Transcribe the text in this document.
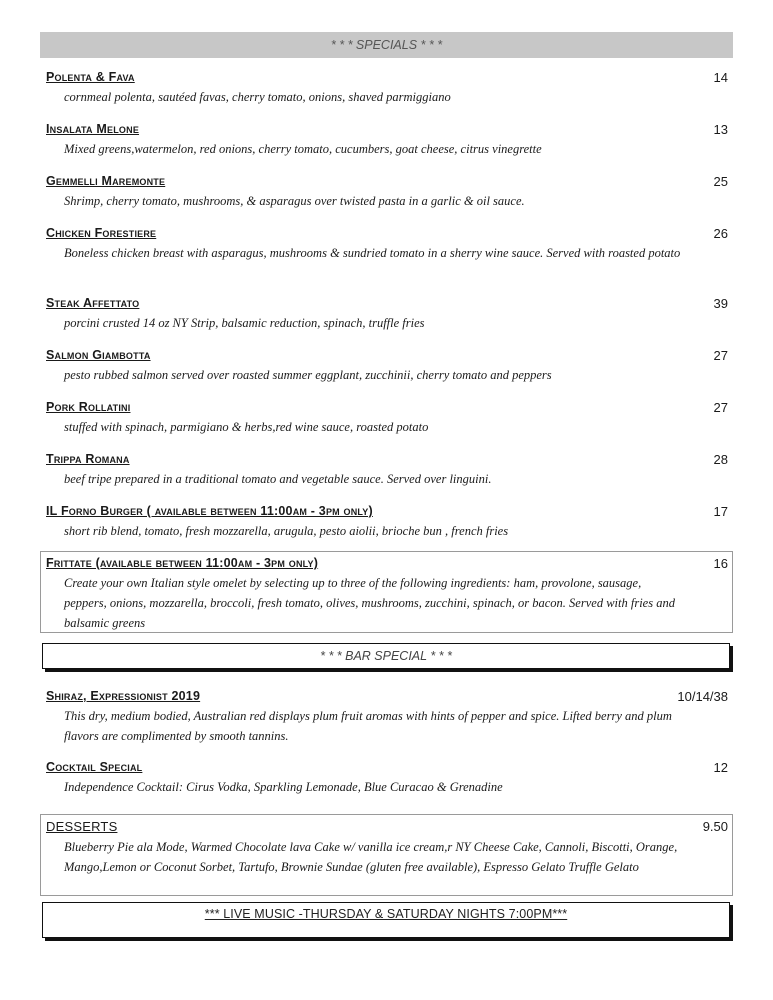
* * * SPECIALS * * *
Polenta & Fava	14
cornmeal polenta, sautéed favas, cherry tomato, onions, shaved parmiggiano
Insalata Melone	13
Mixed greens,watermelon, red onions, cherry tomato, cucumbers, goat cheese, citrus vinegrette
Gemmelli Maremonte	25
Shrimp, cherry tomato, mushrooms, & asparagus over twisted pasta in a garlic & oil sauce.
Chicken Forestiere	26
Boneless chicken breast with asparagus, mushrooms & sundried tomato in a sherry wine sauce. Served with roasted potato
Steak Affettato	39
porcini crusted 14 oz NY Strip, balsamic reduction, spinach, truffle fries
Salmon Giambotta	27
pesto rubbed salmon served over roasted summer eggplant, zucchinii, cherry tomato and peppers
Pork Rollatini	27
stuffed with spinach, parmigiano & herbs,red wine sauce, roasted potato
Trippa Romana	28
beef tripe prepared in a traditional tomato and vegetable sauce. Served over linguini.
IL Forno Burger ( available between 11:00am - 3pm only)	17
short rib blend, tomato, fresh mozzarella, arugula, pesto aiolii, brioche bun , french fries
Frittate (available between 11:00am - 3pm only)	16
Create your own Italian style omelet by selecting up to three of the following ingredients: ham, provolone, sausage, peppers, onions, mozzarella, broccoli, fresh tomato, olives, mushrooms, zucchini, spinach, or bacon. Served with fries and balsamic greens
* * * BAR SPECIAL * * *
Shiraz, Expressionist 2019	10/14/38
This dry, medium bodied, Australian red displays plum fruit aromas with hints of pepper and spice. Lifted berry and plum flavors are complimented by smooth tannins.
Cocktail Special	12
Independence Cocktail: Cirus Vodka, Sparkling Lemonade, Blue Curacao & Grenadine
DESSERTS	9.50
Blueberry Pie ala Mode, Warmed Chocolate lava Cake w/ vanilla ice cream,r NY Cheese Cake, Cannoli, Biscotti, Orange, Mango,Lemon or Coconut Sorbet, Tartufo, Brownie Sundae (gluten free available), Espresso Gelato Truffle Gelato
*** LIVE MUSIC -THURSDAY & SATURDAY NIGHTS 7:00PM***
